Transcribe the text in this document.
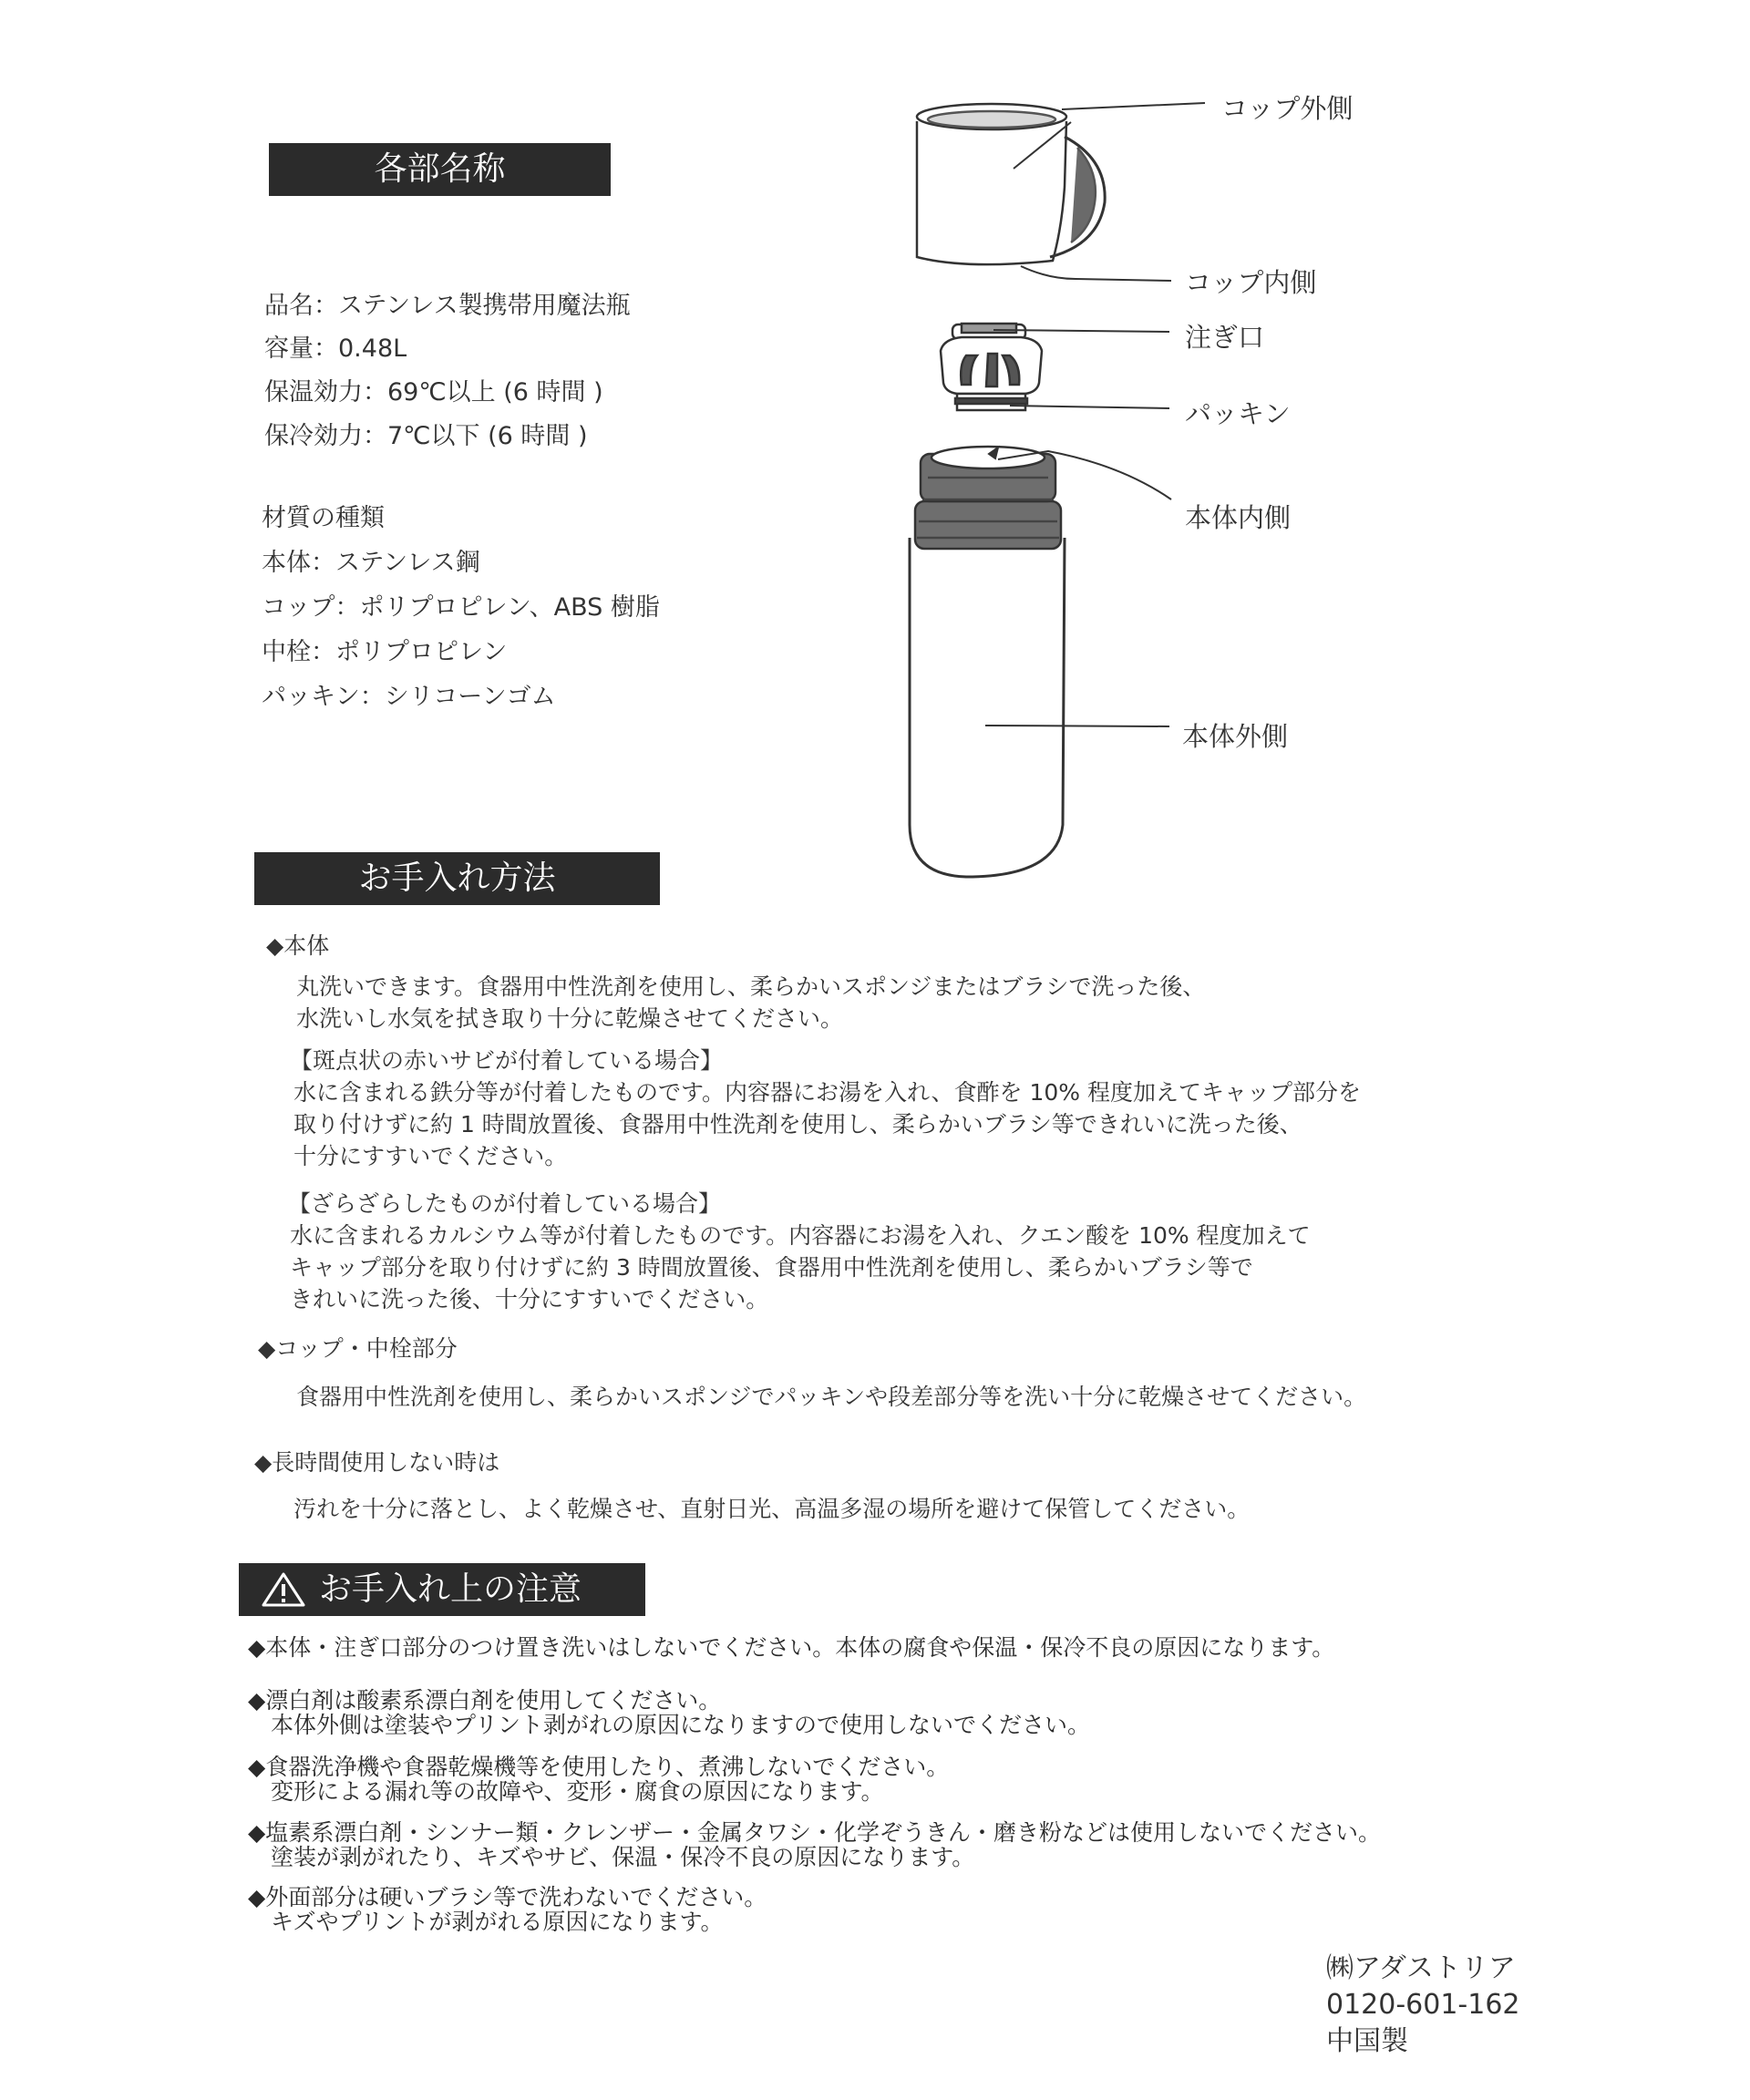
各部名称
品名：ステンレス製携帯用魔法瓶
容量：0.48L
保温効力：69℃以上 (6 時間 )
保冷効力：7℃以下 (6 時間 )
材質の種類
本体：ステンレス鋼
コップ：ポリプロピレン、ABS 樹脂
中栓：ポリプロピレン
パッキン：シリコーンゴム
コップ外側
コップ内側
注ぎ口
パッキン
本体内側
本体外側
お手入れ方法
◆本体
丸洗いできます。食器用中性洗剤を使用し、柔らかいスポンジまたはブラシで洗った後、
水洗いし水気を拭き取り十分に乾燥させてください。
【斑点状の赤いサビが付着している場合】
水に含まれる鉄分等が付着したものです。内容器にお湯を入れ、食酢を 10% 程度加えてキャップ部分を
取り付けずに約 1 時間放置後、食器用中性洗剤を使用し、柔らかいブラシ等できれいに洗った後、
十分にすすいでください。
【ざらざらしたものが付着している場合】
水に含まれるカルシウム等が付着したものです。内容器にお湯を入れ、クエン酸を 10% 程度加えて
キャップ部分を取り付けずに約 3 時間放置後、食器用中性洗剤を使用し、柔らかいブラシ等で
きれいに洗った後、十分にすすいでください。
◆コップ・中栓部分
食器用中性洗剤を使用し、柔らかいスポンジでパッキンや段差部分等を洗い十分に乾燥させてください。
◆長時間使用しない時は
汚れを十分に落とし、よく乾燥させ、直射日光、高温多湿の場所を避けて保管してください。
お手入れ上の注意
◆本体・注ぎ口部分のつけ置き洗いはしないでください。本体の腐食や保温・保冷不良の原因になります。
◆漂白剤は酸素系漂白剤を使用してください。
本体外側は塗装やプリント剥がれの原因になりますので使用しないでください。
◆食器洗浄機や食器乾燥機等を使用したり、煮沸しないでください。
変形による漏れ等の故障や、変形・腐食の原因になります。
◆塩素系漂白剤・シンナー類・クレンザー・金属タワシ・化学ぞうきん・磨き粉などは使用しないでください。
塗装が剥がれたり、キズやサビ、保温・保冷不良の原因になります。
◆外面部分は硬いブラシ等で洗わないでください。
キズやプリントが剥がれる原因になります。
㈱アダストリア
0120-601-162
中国製
